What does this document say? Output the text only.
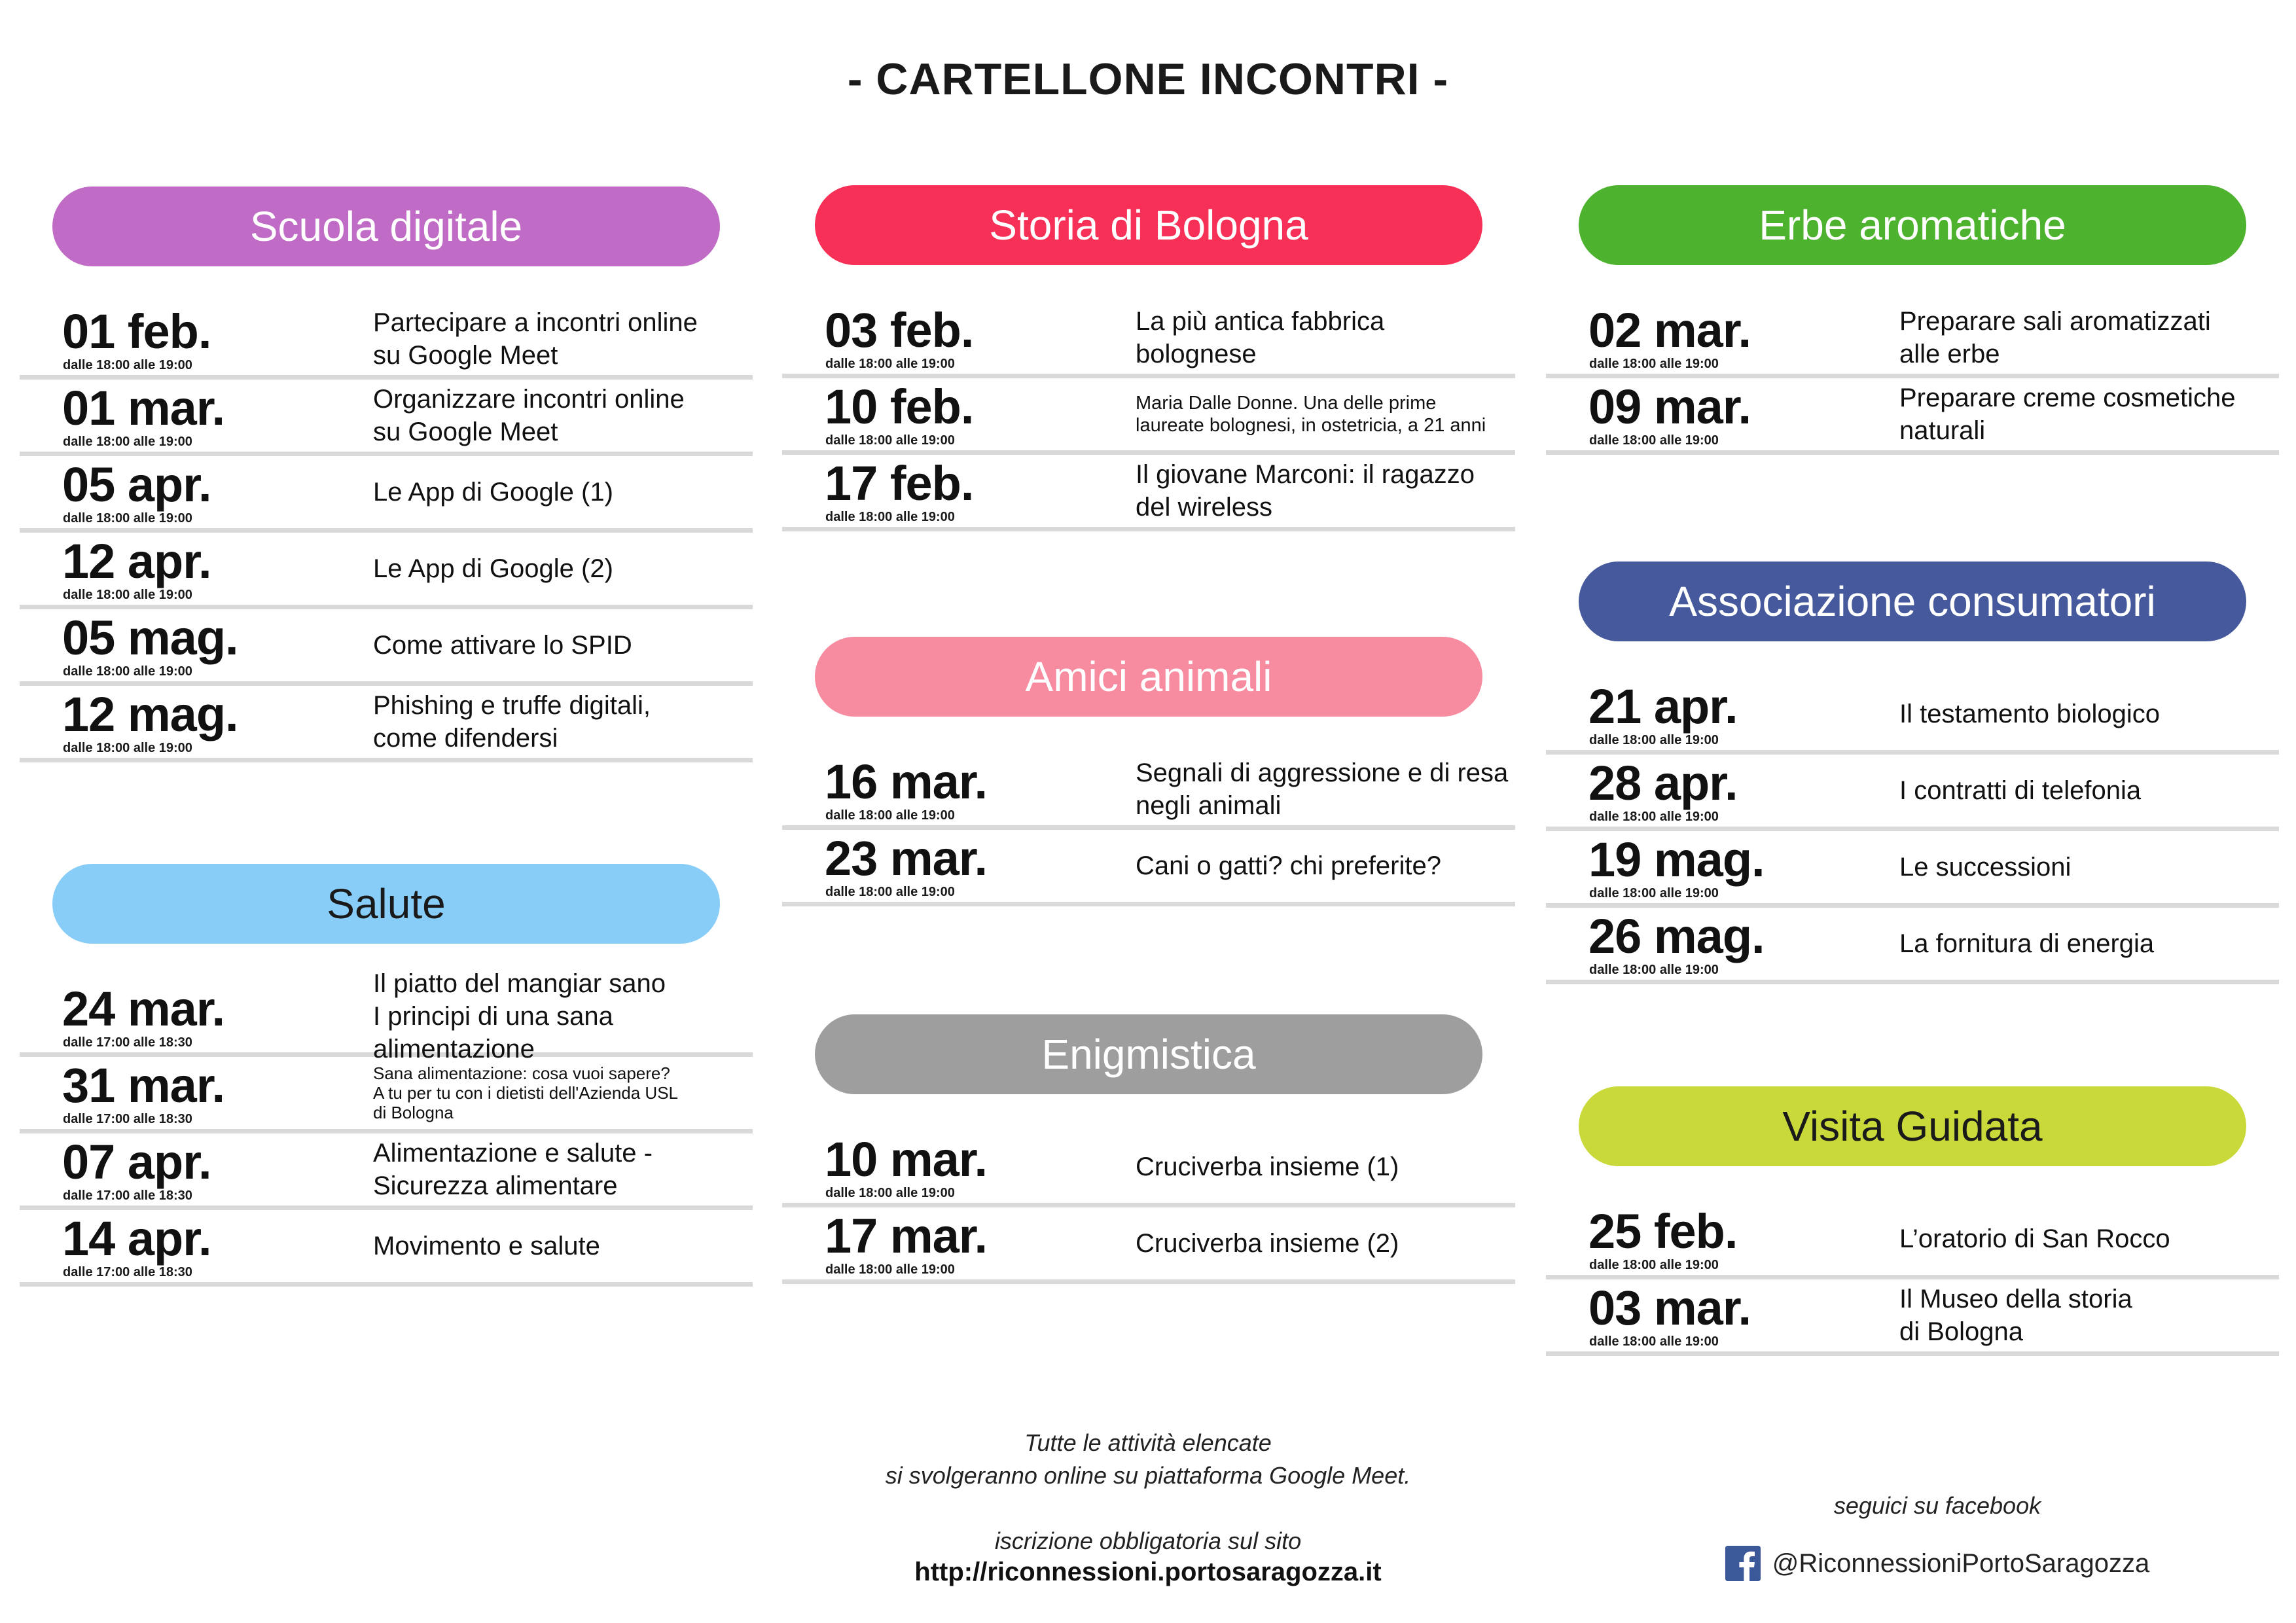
- CARTELLONE INCONTRI -
Scuola digitale
01 feb.
dalle 18:00 alle 19:00
Partecipare a incontri online
su Google Meet
01 mar.
dalle 18:00 alle 19:00
Organizzare incontri online
su Google Meet
05 apr.
dalle 18:00 alle 19:00
Le App di Google (1)
12 apr.
dalle 18:00 alle 19:00
Le App di Google (2)
05 mag.
dalle 18:00 alle 19:00
Come attivare lo SPID
12 mag.
dalle 18:00 alle 19:00
Phishing e truffe digitali,
come difendersi
Salute
24 mar.
dalle 17:00 alle 18:30
Il piatto del mangiar sano
I principi di una sana alimentazione
31 mar.
dalle 17:00 alle 18:30
Sana alimentazione: cosa vuoi sapere?
A tu per tu con i dietisti dell'Azienda USL
di Bologna
07 apr.
dalle 17:00 alle 18:30
Alimentazione e salute -
Sicurezza alimentare
14 apr.
dalle 17:00 alle 18:30
Movimento e salute
Storia di Bologna
03 feb.
dalle 18:00 alle 19:00
La più antica fabbrica
bolognese
10 feb.
dalle 18:00 alle 19:00
Maria Dalle Donne. Una delle prime
laureate bolognesi, in ostetricia, a 21 anni
17 feb.
dalle 18:00 alle 19:00
Il giovane Marconi: il ragazzo
del wireless
Amici animali
16 mar.
dalle 18:00 alle 19:00
Segnali di aggressione e di resa
negli animali
23 mar.
dalle 18:00 alle 19:00
Cani o gatti? chi preferite?
Enigmistica
10 mar.
dalle 18:00 alle 19:00
Cruciverba insieme (1)
17 mar.
dalle 18:00 alle 19:00
Cruciverba insieme (2)
Erbe aromatiche
02 mar.
dalle 18:00 alle 19:00
Preparare sali aromatizzati
alle erbe
09 mar.
dalle 18:00 alle 19:00
Preparare creme cosmetiche
naturali
Associazione consumatori
21 apr.
dalle 18:00 alle 19:00
Il testamento biologico
28 apr.
dalle 18:00 alle 19:00
I contratti di telefonia
19 mag.
dalle 18:00 alle 19:00
Le successioni
26 mag.
dalle 18:00 alle 19:00
La fornitura di energia
Visita Guidata
25 feb.
dalle 18:00 alle 19:00
L’oratorio di San Rocco
03 mar.
dalle 18:00 alle 19:00
Il Museo della storia
di Bologna
Tutte le attività elencate
si svolgeranno online su piattaforma Google Meet.
iscrizione obbligatoria sul sito
http://riconnessioni.portosaragozza.it
seguici su facebook
@RiconnessioniPortoSaragozza
